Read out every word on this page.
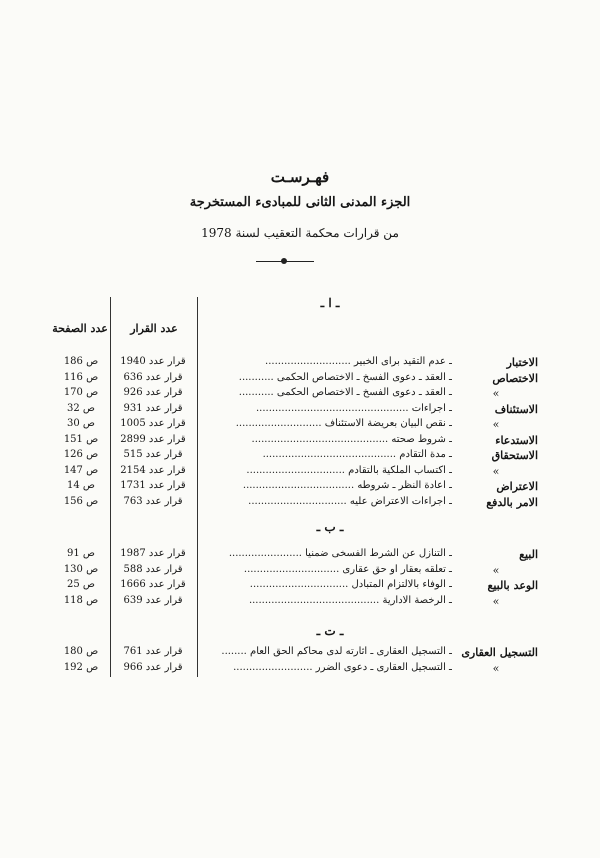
فهـرسـت
الجزء المدنى الثانى للمبادىء المستخرجة
من قرارات محكمة التعقيب لسنة 1978
عدد الصفحة	عدد القرار
ـ ا ـ
الاختبار
ـ عدم التقيد برأى الخبير ...........................
قرار عدد 1940
ص 186
الاختصاص
ـ العقد ـ دعوى الفسخ ـ الاختصاص الحكمى ...........
قرار عدد 636
ص 116
»
ـ العقد ـ دعوى الفسخ ـ الاختصاص الحكمى ...........
قرار عدد 926
ص 170
الاستئناف
ـ اجراءات ................................................
قرار عدد 931
ص 32
»
ـ نقص البيان بعريضة الاستئناف ...........................
قرار عدد 1005
ص 30
الاستدعاء
ـ شروط صحته ...........................................
قرار عدد 2899
ص 151
الاستحقاق
ـ مدة التقادم ..........................................
قرار عدد 515
ص 126
»
ـ اكتساب الملكية بالتقادم ...............................
قرار عدد 2154
ص 147
الاعتراض
ـ اعادة النظر ـ شروطه ...................................
قرار عدد 1731
ص 14
الامر بالدفع
ـ اجراءات الاعتراض عليه ...............................
قرار عدد 763
ص 156
ـ ب ـ
البيع
ـ التنازل عن الشرط الفسخى ضمنيا .......................
قرار عدد 1987
ص 91
»
ـ تعلقه بعقار أو حق عقارى ..............................
قرار عدد 588
ص 130
الوعد بالبيع
ـ الوفاء بالالتزام المتبادل ...............................
قرار عدد 1666
ص 25
»
ـ الرخصة الادارية .........................................
قرار عدد 639
ص 118
ـ ت ـ
التسجيل العقارى
ـ التسجيل العقارى ـ اثارته لدى محاكم الحق العام ........
قرار عدد 761
ص 180
»
ـ التسجيل العقارى ـ دعوى الضرر .........................
قرار عدد 966
ص 192
